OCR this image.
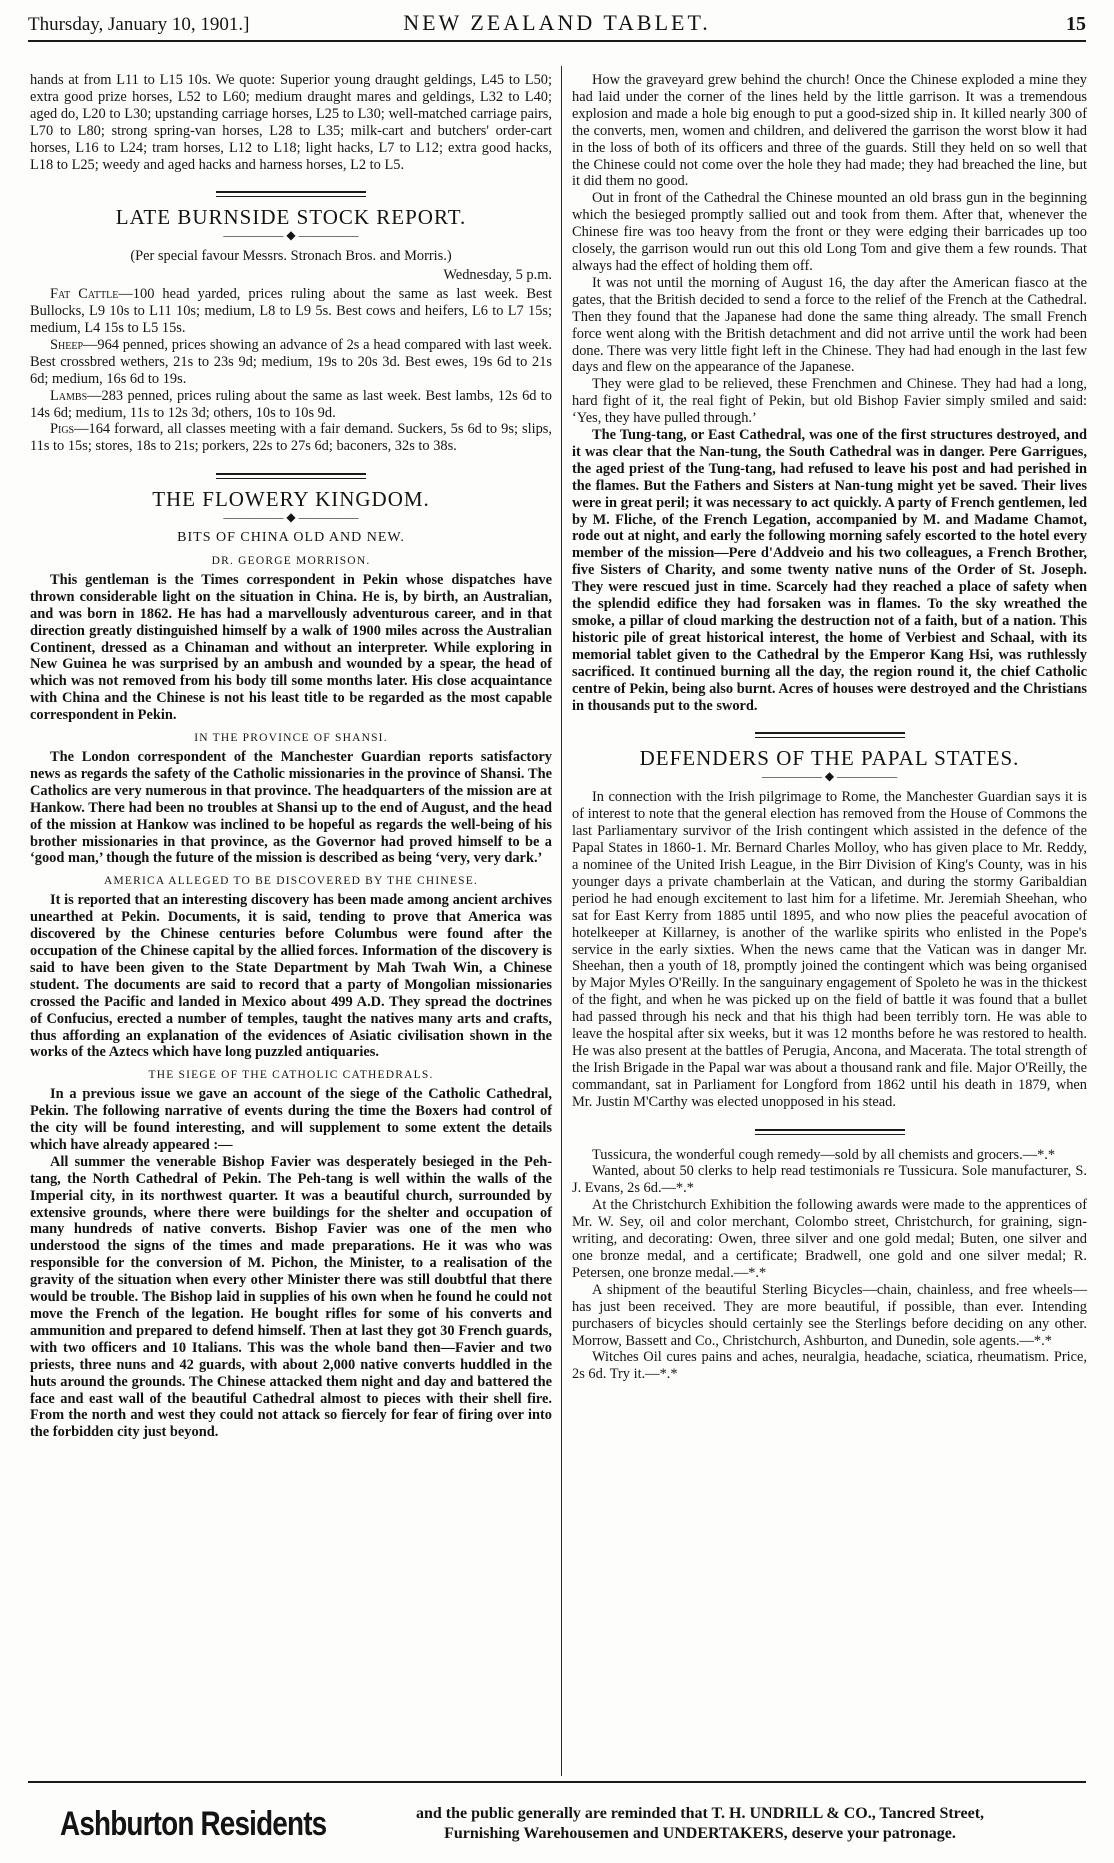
Thursday, January 10, 1901.]	NEW ZEALAND TABLET.	15

hands at from L11 to L15 10s. We quote: Superior young draught geldings, L45 to L50; extra good prize horses, L52 to L60; medium draught mares and geldings, L32 to L40; aged do, L20 to L30; upstanding carriage horses, L25 to L30; well-matched carriage pairs, L70 to L80; strong spring-van horses, L28 to L35; milk-cart and butchers' order-cart horses, L16 to L24; tram horses, L12 to L18; light hacks, L7 to L12; extra good hacks, L18 to L25; weedy and aged hacks and harness horses, L2 to L5.

LATE BURNSIDE STOCK REPORT.
————— ◆ —————
(Per special favour Messrs. Stronach Bros. and Morris.)
Wednesday, 5 p.m.

Fat Cattle—100 head yarded, prices ruling about the same as last week. Best Bullocks, L9 10s to L11 10s; medium, L8 to L9 5s. Best cows and heifers, L6 to L7 15s; medium, L4 15s to L5 15s.

Sheep—964 penned, prices showing an advance of 2s a head compared with last week. Best crossbred wethers, 21s to 23s 9d; medium, 19s to 20s 3d. Best ewes, 19s 6d to 21s 6d; medium, 16s 6d to 19s.

Lambs—283 penned, prices ruling about the same as last week. Best lambs, 12s 6d to 14s 6d; medium, 11s to 12s 3d; others, 10s to 10s 9d.

Pigs—164 forward, all classes meeting with a fair demand. Suckers, 5s 6d to 9s; slips, 11s to 15s; stores, 18s to 21s; porkers, 22s to 27s 6d; baconers, 32s to 38s.

THE FLOWERY KINGDOM.
————— ◆ —————
BITS OF CHINA OLD AND NEW.
DR. GEORGE MORRISON.

This gentleman is the Times correspondent in Pekin whose dispatches have thrown considerable light on the situation in China. He is, by birth, an Australian, and was born in 1862. He has had a marvellously adventurous career, and in that direction greatly distinguished himself by a walk of 1900 miles across the Australian Continent, dressed as a Chinaman and without an interpreter. While exploring in New Guinea he was surprised by an ambush and wounded by a spear, the head of which was not removed from his body till some months later. His close acquaintance with China and the Chinese is not his least title to be regarded as the most capable correspondent in Pekin.

IN THE PROVINCE OF SHANSI.

The London correspondent of the Manchester Guardian reports satisfactory news as regards the safety of the Catholic missionaries in the province of Shansi. The Catholics are very numerous in that province. The headquarters of the mission are at Hankow. There had been no troubles at Shansi up to the end of August, and the head of the mission at Hankow was inclined to be hopeful as regards the well-being of his brother missionaries in that province, as the Governor had proved himself to be a ‘good man,’ though the future of the mission is described as being ‘very, very dark.’

AMERICA ALLEGED TO BE DISCOVERED BY THE CHINESE.

It is reported that an interesting discovery has been made among ancient archives unearthed at Pekin. Documents, it is said, tending to prove that America was discovered by the Chinese centuries before Columbus were found after the occupation of the Chinese capital by the allied forces. Information of the discovery is said to have been given to the State Department by Mah Twah Win, a Chinese student. The documents are said to record that a party of Mongolian missionaries crossed the Pacific and landed in Mexico about 499 A.D. They spread the doctrines of Confucius, erected a number of temples, taught the natives many arts and crafts, thus affording an explanation of the evidences of Asiatic civilisation shown in the works of the Aztecs which have long puzzled antiquaries.

THE SIEGE OF THE CATHOLIC CATHEDRALS.

In a previous issue we gave an account of the siege of the Catholic Cathedral, Pekin. The following narrative of events during the time the Boxers had control of the city will be found interesting, and will supplement to some extent the details which have already appeared :—

All summer the venerable Bishop Favier was desperately besieged in the Peh-tang, the North Cathedral of Pekin. The Peh-tang is well within the walls of the Imperial city, in its northwest quarter. It was a beautiful church, surrounded by extensive grounds, where there were buildings for the shelter and occupation of many hundreds of native converts. Bishop Favier was one of the men who understood the signs of the times and made preparations. He it was who was responsible for the conversion of M. Pichon, the Minister, to a realisation of the gravity of the situation when every other Minister there was still doubtful that there would be trouble. The Bishop laid in supplies of his own when he found he could not move the French of the legation. He bought rifles for some of his converts and ammunition and prepared to defend himself. Then at last they got 30 French guards, with two officers and 10 Italians. This was the whole band then—Favier and two priests, three nuns and 42 guards, with about 2,000 native converts huddled in the huts around the grounds. The Chinese attacked them night and day and battered the face and east wall of the beautiful Cathedral almost to pieces with their shell fire. From the north and west they could not attack so fiercely for fear of firing over into the forbidden city just beyond.

How the graveyard grew behind the church! Once the Chinese exploded a mine they had laid under the corner of the lines held by the little garrison. It was a tremendous explosion and made a hole big enough to put a good-sized ship in. It killed nearly 300 of the converts, men, women and children, and delivered the garrison the worst blow it had in the loss of both of its officers and three of the guards. Still they held on so well that the Chinese could not come over the hole they had made; they had breached the line, but it did them no good.

Out in front of the Cathedral the Chinese mounted an old brass gun in the beginning which the besieged promptly sallied out and took from them. After that, whenever the Chinese fire was too heavy from the front or they were edging their barricades up too closely, the garrison would run out this old Long Tom and give them a few rounds. That always had the effect of holding them off.

It was not until the morning of August 16, the day after the American fiasco at the gates, that the British decided to send a force to the relief of the French at the Cathedral. Then they found that the Japanese had done the same thing already. The small French force went along with the British detachment and did not arrive until the work had been done. There was very little fight left in the Chinese. They had had enough in the last few days and flew on the appearance of the Japanese.

They were glad to be relieved, these Frenchmen and Chinese. They had had a long, hard fight of it, the real fight of Pekin, but old Bishop Favier simply smiled and said: ‘Yes, they have pulled through.’

The Tung-tang, or East Cathedral, was one of the first structures destroyed, and it was clear that the Nan-tung, the South Cathedral was in danger. Pere Garrigues, the aged priest of the Tung-tang, had refused to leave his post and had perished in the flames. But the Fathers and Sisters at Nan-tung might yet be saved. Their lives were in great peril; it was necessary to act quickly. A party of French gentlemen, led by M. Fliche, of the French Legation, accompanied by M. and Madame Chamot, rode out at night, and early the following morning safely escorted to the hotel every member of the mission—Pere d'Addveio and his two colleagues, a French Brother, five Sisters of Charity, and some twenty native nuns of the Order of St. Joseph. They were rescued just in time. Scarcely had they reached a place of safety when the splendid edifice they had forsaken was in flames. To the sky wreathed the smoke, a pillar of cloud marking the destruction not of a faith, but of a nation. This historic pile of great historical interest, the home of Verbiest and Schaal, with its memorial tablet given to the Cathedral by the Emperor Kang Hsi, was ruthlessly sacrificed. It continued burning all the day, the region round it, the chief Catholic centre of Pekin, being also burnt. Acres of houses were destroyed and the Christians in thousands put to the sword.

DEFENDERS OF THE PAPAL STATES.
————— ◆ —————

In connection with the Irish pilgrimage to Rome, the Manchester Guardian says it is of interest to note that the general election has removed from the House of Commons the last Parliamentary survivor of the Irish contingent which assisted in the defence of the Papal States in 1860-1. Mr. Bernard Charles Molloy, who has given place to Mr. Reddy, a nominee of the United Irish League, in the Birr Division of King's County, was in his younger days a private chamberlain at the Vatican, and during the stormy Garibaldian period he had enough excitement to last him for a lifetime. Mr. Jeremiah Sheehan, who sat for East Kerry from 1885 until 1895, and who now plies the peaceful avocation of hotelkeeper at Killarney, is another of the warlike spirits who enlisted in the Pope's service in the early sixties. When the news came that the Vatican was in danger Mr. Sheehan, then a youth of 18, promptly joined the contingent which was being organised by Major Myles O'Reilly. In the sanguinary engagement of Spoleto he was in the thickest of the fight, and when he was picked up on the field of battle it was found that a bullet had passed through his neck and that his thigh had been terribly torn. He was able to leave the hospital after six weeks, but it was 12 months before he was restored to health. He was also present at the battles of Perugia, Ancona, and Macerata. The total strength of the Irish Brigade in the Papal war was about a thousand rank and file. Major O'Reilly, the commandant, sat in Parliament for Longford from 1862 until his death in 1879, when Mr. Justin M'Carthy was elected unopposed in his stead.

Tussicura, the wonderful cough remedy—sold by all chemists and grocers.—*.*

Wanted, about 50 clerks to help read testimonials re Tussicura. Sole manufacturer, S. J. Evans, 2s 6d.—*.*

At the Christchurch Exhibition the following awards were made to the apprentices of Mr. W. Sey, oil and color merchant, Colombo street, Christchurch, for graining, sign-writing, and decorating: Owen, three silver and one gold medal; Buten, one silver and one bronze medal, and a certificate; Bradwell, one gold and one silver medal; R. Petersen, one bronze medal.—*.*

A shipment of the beautiful Sterling Bicycles—chain, chainless, and free wheels—has just been received. They are more beautiful, if possible, than ever. Intending purchasers of bicycles should certainly see the Sterlings before deciding on any other. Morrow, Bassett and Co., Christchurch, Ashburton, and Dunedin, sole agents.—*.*

Witches Oil cures pains and aches, neuralgia, headache, sciatica, rheumatism. Price, 2s 6d. Try it.—*.*

Ashburton Residents	and the public generally are reminded that T. H. UNDRILL & CO., Tancred Street,
Furnishing Warehousemen and UNDERTAKERS, deserve your patronage.
